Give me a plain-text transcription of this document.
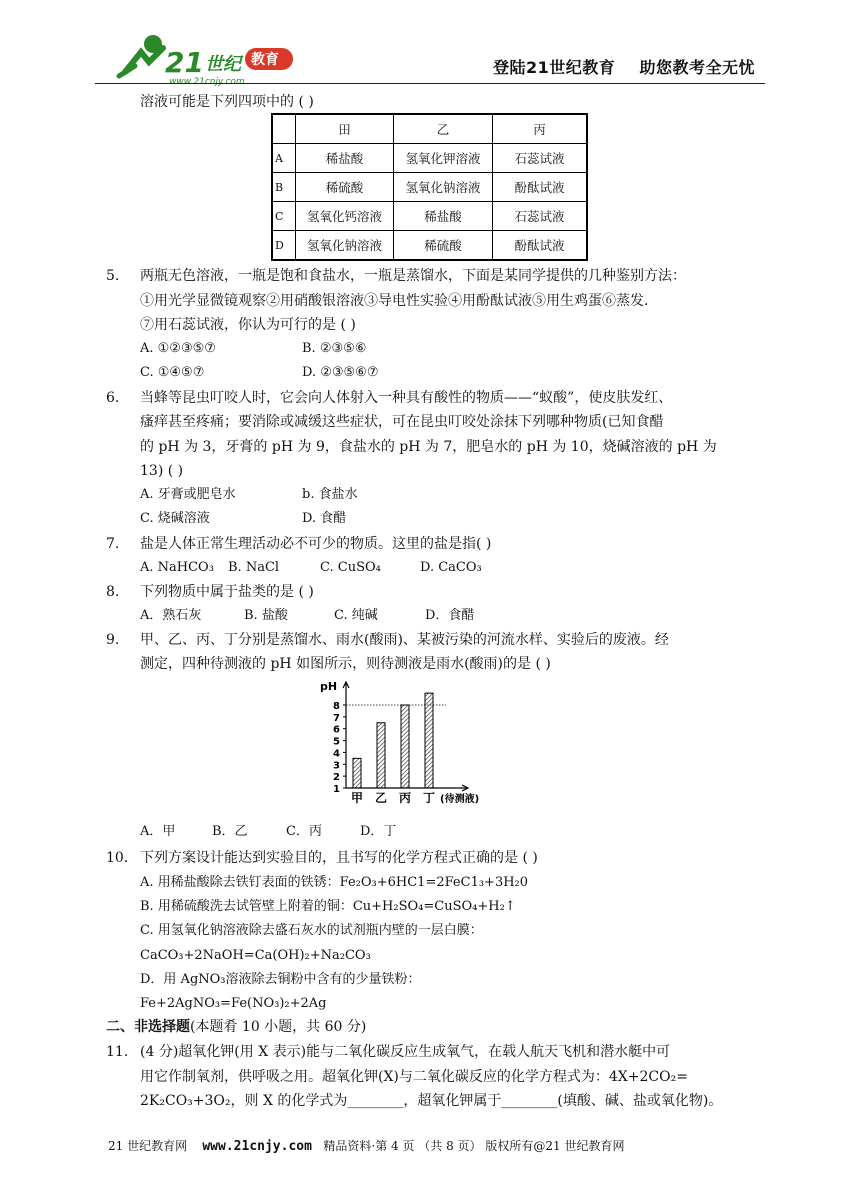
21 世纪 教育
www.21cnjy.com
登陆21世纪教育    助您教考全无忧
溶液可能是下列四项中的 ( )
	田	乙	丙
A	稀盐酸	氢氧化钾溶液	石蕊试液
B	稀硫酸	氢氧化钠溶液	酚酞试液
C	氢氧化钙溶液	稀盐酸	石蕊试液
D	氢氧化钠溶液	稀硫酸	酚酞试液
5. 两瓶无色溶液，一瓶是饱和食盐水，一瓶是蒸馏水，下面是某同学提供的几种鉴别方法：
①用光学显微镜观察②用硝酸银溶液③导电性实验④用酚酞试液⑤用生鸡蛋⑥蒸发.
⑦用石蕊试液，你认为可行的是 ( )
A. ①②③⑤⑦	B. ②③⑤⑥
C. ①④⑤⑦	D. ②③⑤⑥⑦
6. 当蜂等昆虫叮咬人时，它会向人体射入一种具有酸性的物质——“蚁酸”，使皮肤发红、
瘙痒甚至疼痛；要消除或减缓这些症状，可在昆虫叮咬处涂抹下列哪种物质(已知食醋
的 pH 为 3，牙膏的 pH 为 9，食盐水的 pH 为 7，肥皂水的 pH 为 10，烧碱溶液的 pH 为
13) ( )
A. 牙膏或肥皂水	b. 食盐水
C. 烧碱溶液	D. 食醋
7. 盐是人体正常生理活动必不可少的物质。这里的盐是指( )
A. NaHCO₃ B. NaCl	C. CuSO₄	D. CaCO₃
8. 下列物质中属于盐类的是 ( )
A．熟石灰	B. 盐酸	C. 纯碱	D．食醋
9. 甲、乙、丙、丁分别是蒸馏水、雨水(酸雨)、某被污染的河流水样、实验后的废液。经
测定，四种待测液的 pH 如图所示，则待测液是雨水(酸雨)的是 ( )
pH
1
2
3
4
5
6
7
8
甲 乙 丙 丁 (待测液)
A．甲	B．乙	C．丙	D．丁
10． 下列方案设计能达到实验目的，且书写的化学方程式正确的是 ( )
A. 用稀盐酸除去铁钉表面的铁锈：Fe₂O₃+6HC1=2FeC1₃+3H₂0
B. 用稀硫酸洗去试管壁上附着的铜：Cu+H₂SO₄=CuSO₄+H₂↑
C. 用氢氧化钠溶液除去盛石灰水的试剂瓶内壁的一层白膜：
CaCO₃+2NaOH=Ca(OH)₂+Na₂CO₃
D．用 AgNO₃溶液除去铜粉中含有的少量铁粉：
Fe+2AgNO₃=Fe(NO₃)₂+2Ag
二、非选择题(本题肴 10 小题，共 60 分)
11． (4 分)超氧化钾(用 X 表示)能与二氧化碳反应生成氧气，在载人航天飞机和潜水艇中可
用它作制氧剂，供呼吸之用。超氧化钾(X)与二氧化碳反应的化学方程式为：4X+2CO₂=
2K₂CO₃+3O₂，则 X 的化学式为________，超氧化钾属于________(填酸、碱、盐或氧化物)。
21 世纪教育网 www.21cnjy.com 精品资料·第 4 页 （共 8 页） 版权所有@21 世纪教育网
